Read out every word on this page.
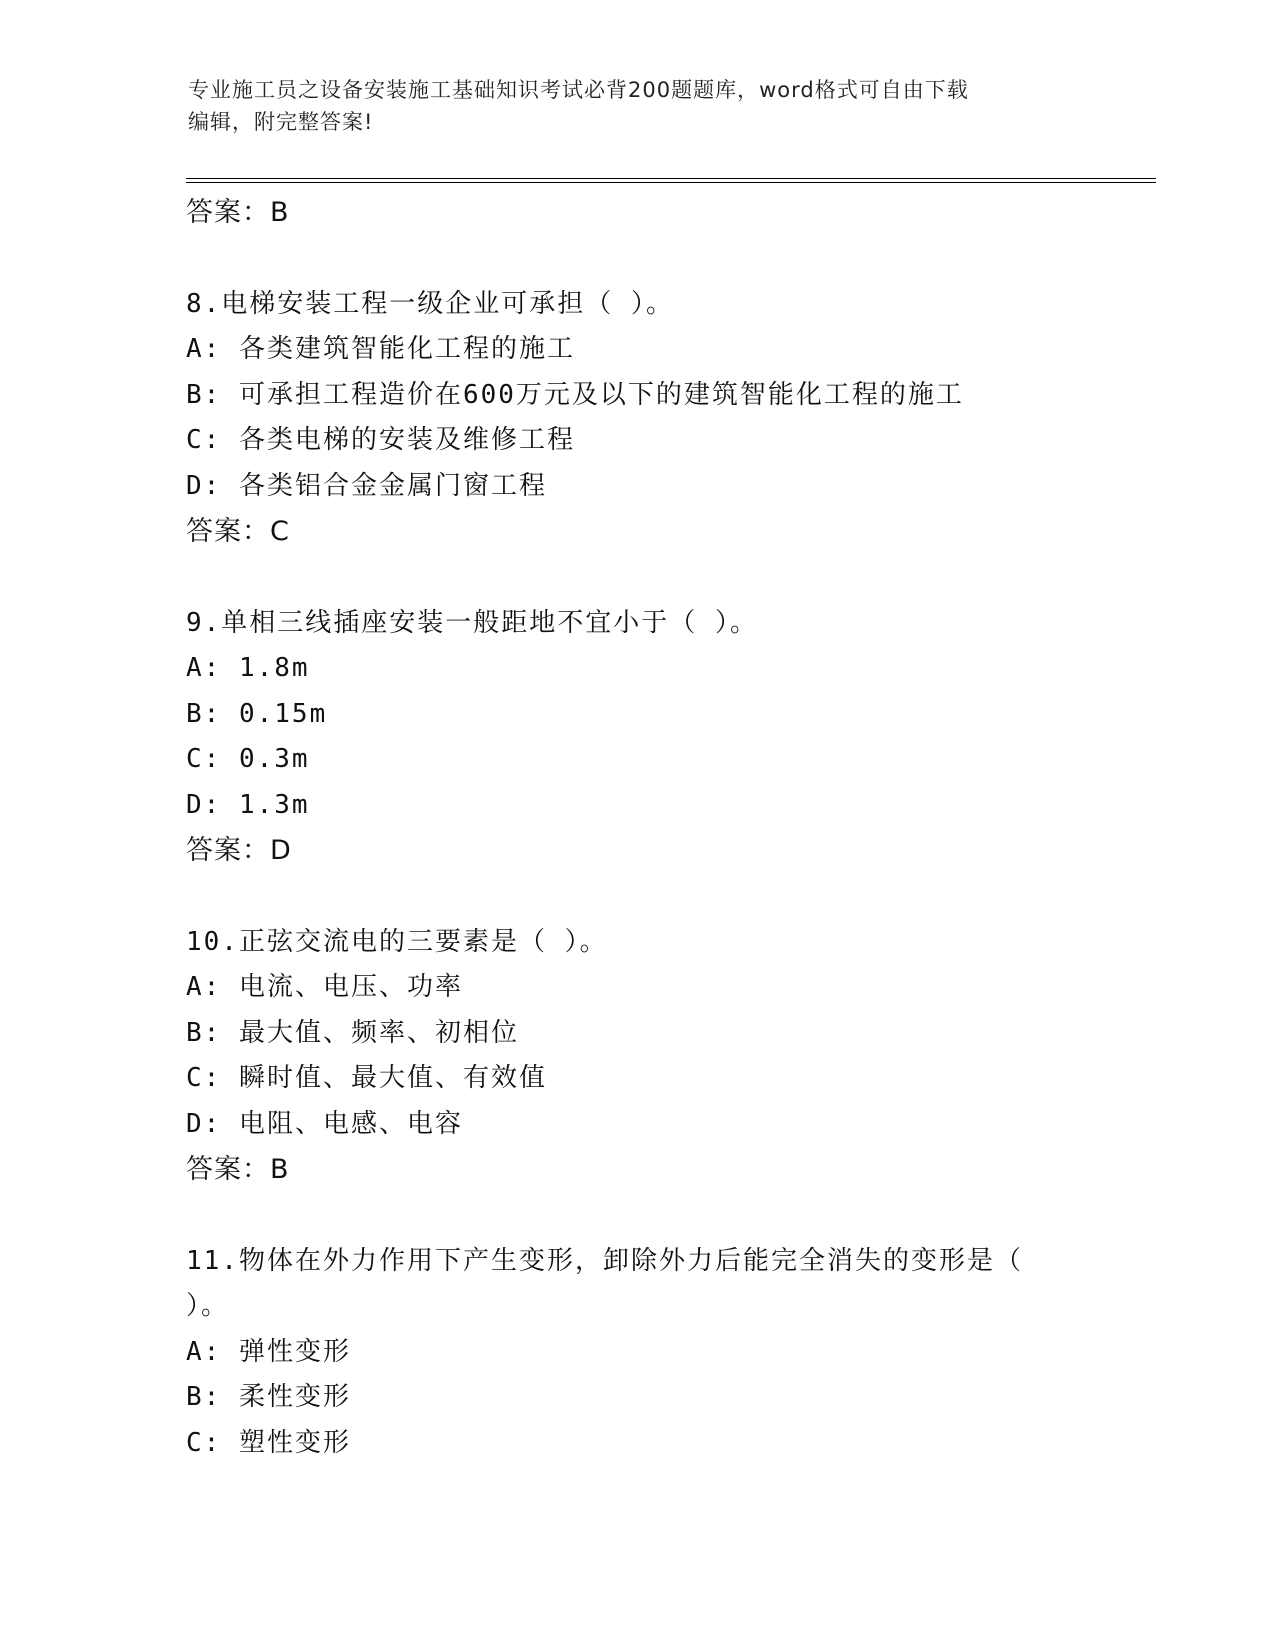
专业施工员之设备安装施工基础知识考试必背200题题库，word格式可自由下载
编辑，附完整答案!
答案：B
8.电梯安装工程一级企业可承担（ ）。
A: 各类建筑智能化工程的施工
B: 可承担工程造价在600万元及以下的建筑智能化工程的施工
C: 各类电梯的安装及维修工程
D: 各类铝合金金属门窗工程
答案：C
9.单相三线插座安装一般距地不宜小于（ ）。
A: 1.8m
B: 0.15m
C: 0.3m
D: 1.3m
答案：D
10.正弦交流电的三要素是（ ）。
A: 电流、电压、功率
B: 最大值、频率、初相位
C: 瞬时值、最大值、有效值
D: 电阻、电感、电容
答案：B
11.物体在外力作用下产生变形，卸除外力后能完全消失的变形是（
）。
A: 弹性变形
B: 柔性变形
C: 塑性变形
